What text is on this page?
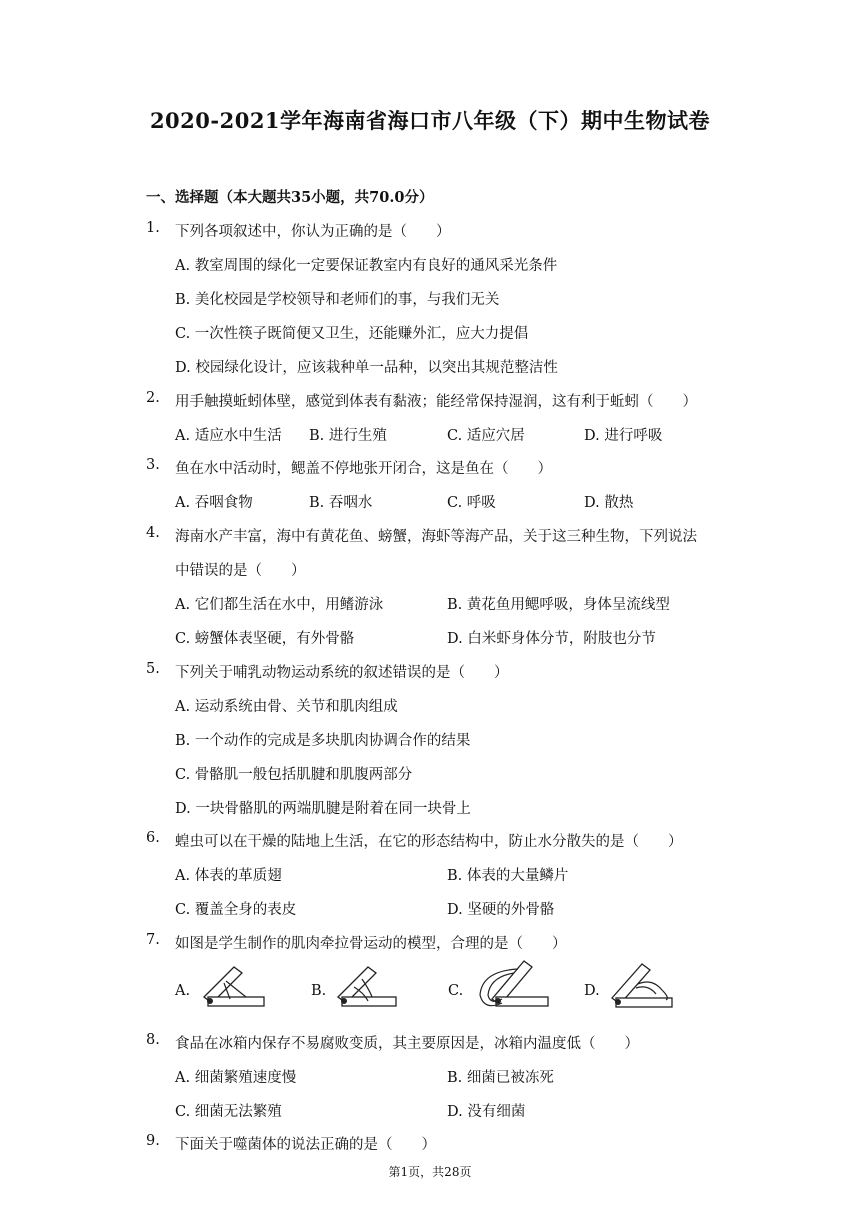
2020-2021学年海南省海口市八年级（下）期中生物试卷
一、选择题（本大题共35小题，共70.0分）
1. 下列各项叙述中，你认为正确的是（　　）
A. 教室周围的绿化一定要保证教室内有良好的通风采光条件
B. 美化校园是学校领导和老师们的事，与我们无关
C. 一次性筷子既简便又卫生，还能赚外汇，应大力提倡
D. 校园绿化设计，应该栽种单一品种，以突出其规范整洁性
2. 用手触摸蚯蚓体壁，感觉到体表有黏液；能经常保持湿润，这有利于蚯蚓（　　）
A. 适应水中生活 B. 进行生殖	C. 适应穴居	D. 进行呼吸
3. 鱼在水中活动时，鳃盖不停地张开闭合，这是鱼在（　　）
A. 吞咽食物	B. 吞咽水	C. 呼吸	D. 散热
4. 海南水产丰富，海中有黄花鱼、螃蟹，海虾等海产品，关于这三种生物，下列说法
中错误的是（　　）
A. 它们都生活在水中，用鳍游泳	B. 黄花鱼用鳃呼吸，身体呈流线型
C. 螃蟹体表坚硬，有外骨骼	D. 白米虾身体分节，附肢也分节
5. 下列关于哺乳动物运动系统的叙述错误的是（　　）
A. 运动系统由骨、关节和肌肉组成
B. 一个动作的完成是多块肌肉协调合作的结果
C. 骨骼肌一般包括肌腱和肌腹两部分
D. 一块骨骼肌的两端肌腱是附着在同一块骨上
6. 蝗虫可以在干燥的陆地上生活，在它的形态结构中，防止水分散失的是（　　）
A. 体表的革质翅	B. 体表的大量鳞片
C. 覆盖全身的表皮	D. 坚硬的外骨骼
7. 如图是学生制作的肌肉牵拉骨运动的模型，合理的是（　　）
A.	B.	C.	D.
8. 食品在冰箱内保存不易腐败变质，其主要原因是，冰箱内温度低（　　）
A. 细菌繁殖速度慢	B. 细菌已被冻死
C. 细菌无法繁殖	D. 没有细菌
9. 下面关于噬菌体的说法正确的是（　　）
第1页，共28页
